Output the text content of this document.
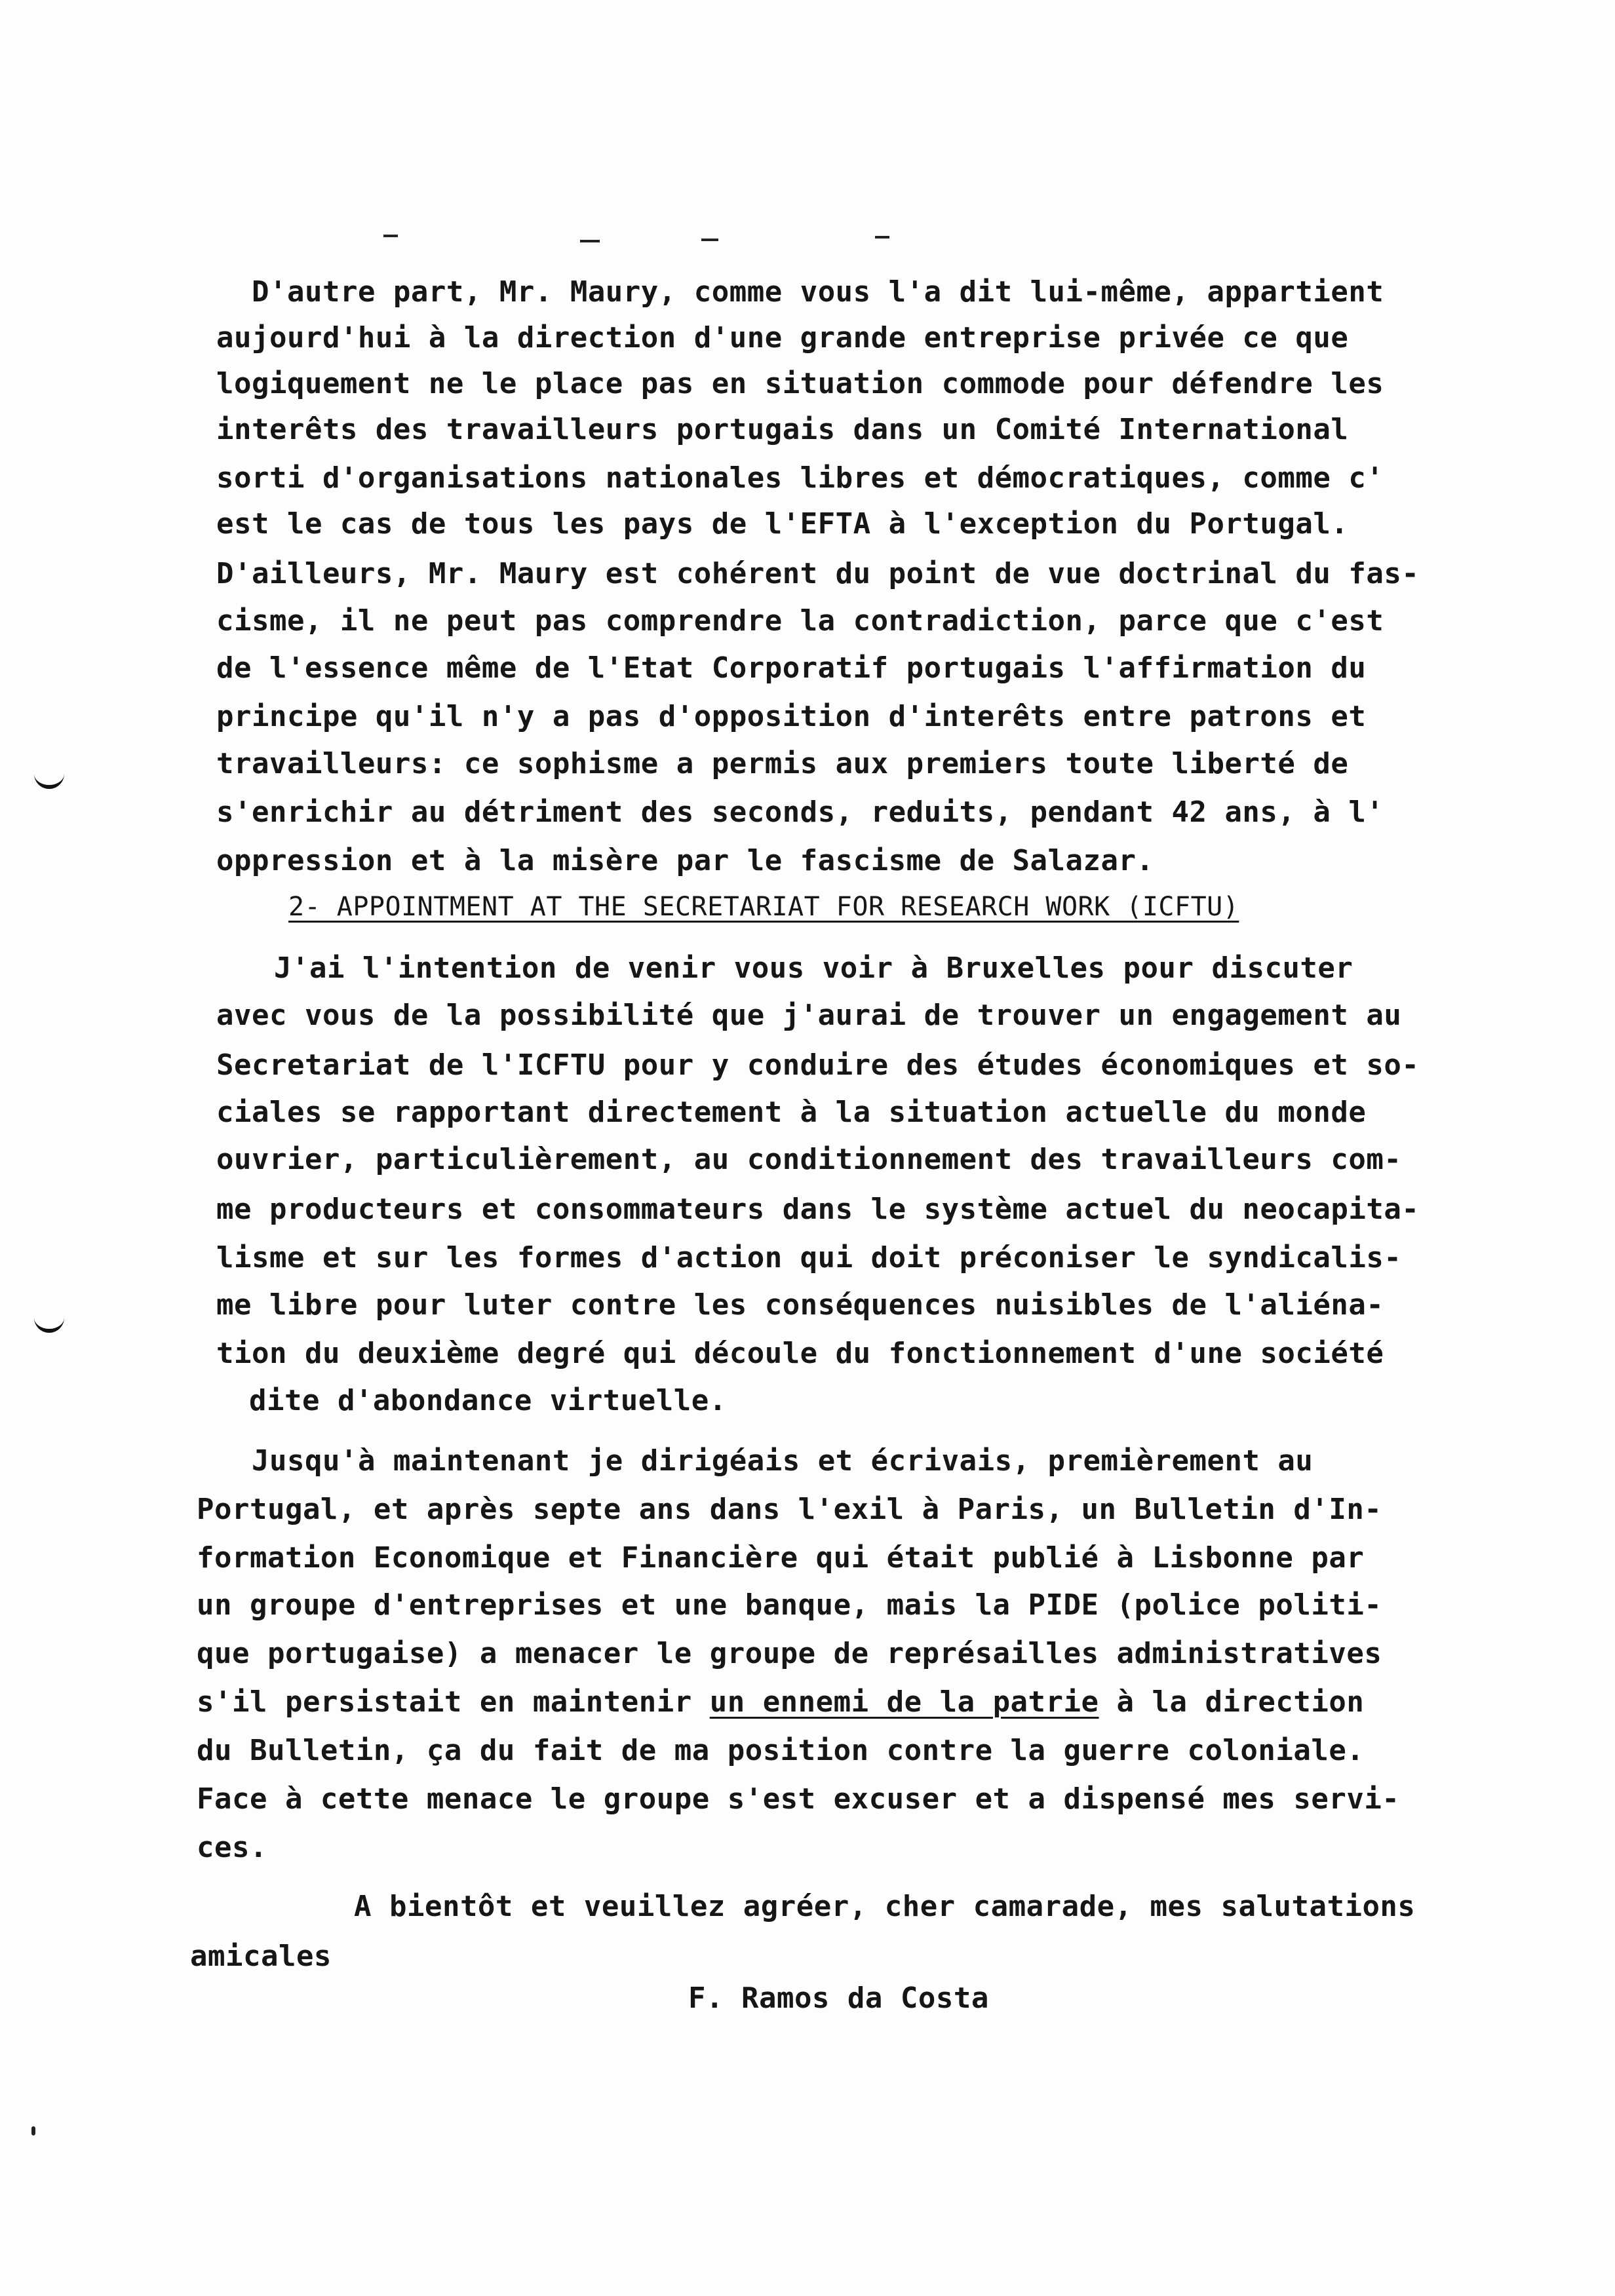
D'autre part, Mr. Maury, comme vous l'a dit lui-même, appartient
aujourd'hui à la direction d'une grande entreprise privée ce que
logiquement ne le place pas en situation commode pour défendre les
interêts des travailleurs portugais dans un Comité International
sorti d'organisations nationales libres et démocratiques, comme c'
est le cas de tous les pays de l'EFTA à l'exception du Portugal.
D'ailleurs, Mr. Maury est cohérent du point de vue doctrinal du fas-
cisme, il ne peut pas comprendre la contradiction, parce que c'est
de l'essence même de l'Etat Corporatif portugais l'affirmation du
principe qu'il n'y a pas d'opposition d'interêts entre patrons et
travailleurs: ce sophisme a permis aux premiers toute liberté de
s'enrichir au détriment des seconds, reduits, pendant 42 ans, à l'
oppression et à la misère par le fascisme de Salazar.
2- APPOINTMENT AT THE SECRETARIAT FOR RESEARCH WORK (ICFTU)
J'ai l'intention de venir vous voir à Bruxelles pour discuter
avec vous de la possibilité que j'aurai de trouver un engagement au
Secretariat de l'ICFTU pour y conduire des études économiques et so-
ciales se rapportant directement à la situation actuelle du monde
ouvrier, particulièrement, au conditionnement des travailleurs com-
me producteurs et consommateurs dans le système actuel du neocapita-
lisme et sur les formes d'action qui doit préconiser le syndicalis-
me libre pour luter contre les conséquences nuisibles de l'aliéna-
tion du deuxième degré qui découle du fonctionnement d'une société
dite d'abondance virtuelle.
Jusqu'à maintenant je dirigéais et écrivais, premièrement au
Portugal, et après septe ans dans l'exil à Paris, un Bulletin d'In-
formation Economique et Financière qui était publié à Lisbonne par
un groupe d'entreprises et une banque, mais la PIDE (police politi-
que portugaise) a menacer le groupe de représailles administratives
s'il persistait en maintenir un ennemi de la patrie à la direction
du Bulletin, ça du fait de ma position contre la guerre coloniale.
Face à cette menace le groupe s'est excuser et a dispensé mes servi-
ces.
A bientôt et veuillez agréer, cher camarade, mes salutations
amicales
F. Ramos da Costa
